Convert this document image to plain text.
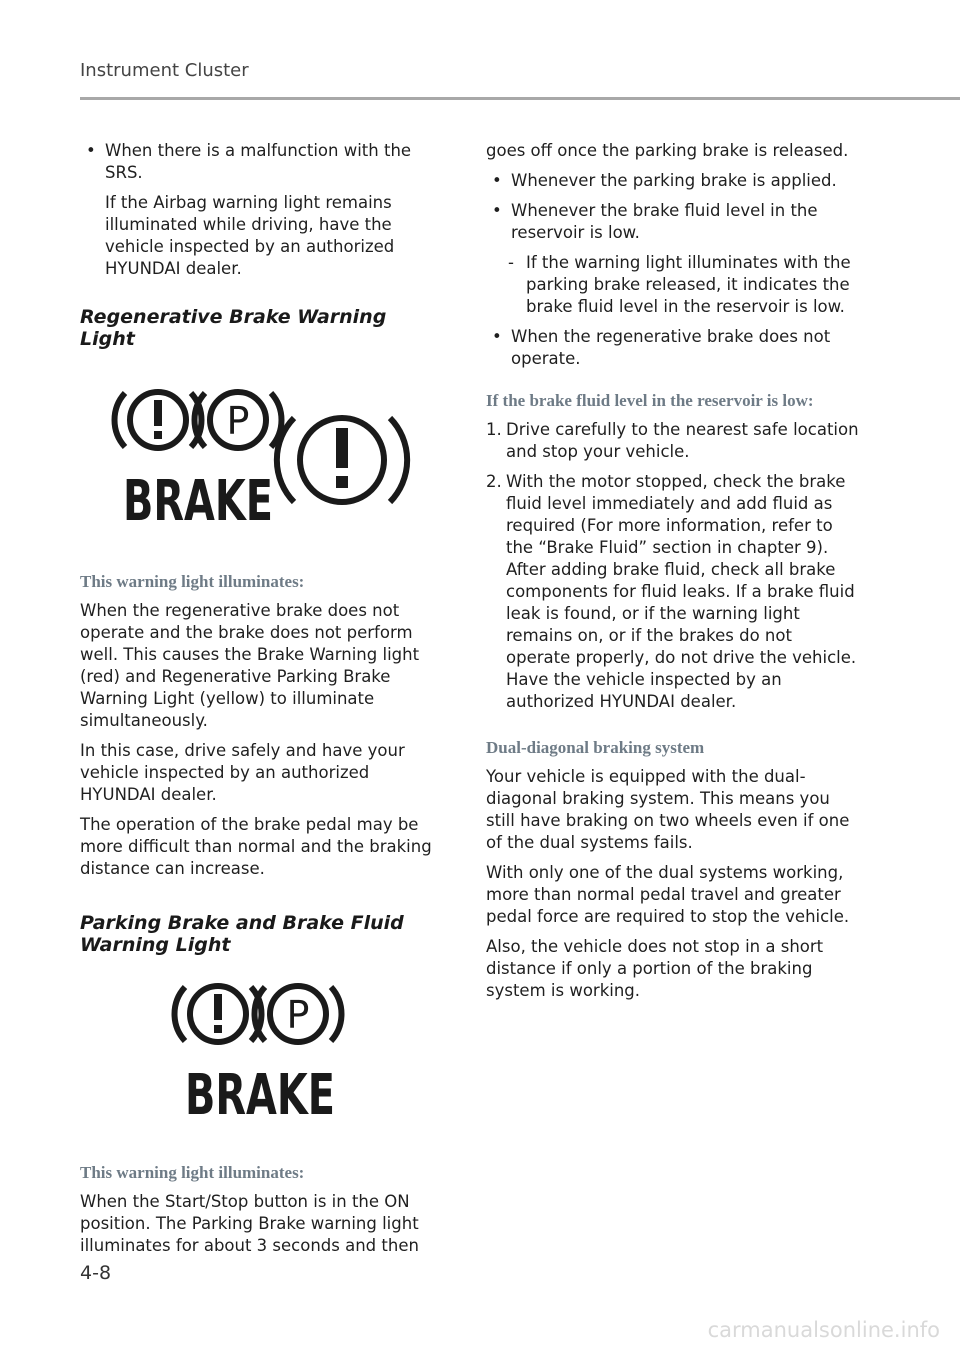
Instrument Cluster
• When there is a malfunction with the SRS.
If the Airbag warning light remains illuminated while driving, have the vehicle inspected by an authorized HYUNDAI dealer.
Regenerative Brake Warning Light
P
BRAKE
This warning light illuminates:

When the regenerative brake does not operate and the brake does not perform well. This causes the Brake Warning light (red) and Regenerative Parking Brake Warning Light (yellow) to illuminate simultaneously.

In this case, drive safely and have your vehicle inspected by an authorized HYUNDAI dealer.

The operation of the brake pedal may be more difficult than normal and the braking distance can increase.

Parking Brake and Brake Fluid
Warning Light
P
BRAKE
This warning light illuminates:

When the Start/Stop button is in the ON position. The Parking Brake warning light illuminates for about 3 seconds and then

goes off once the parking brake is released.

• Whenever the parking brake is applied.
• Whenever the brake fluid level in the reservoir is low.
- If the warning light illuminates with the parking brake released, it indicates the brake fluid level in the reservoir is low.
• When the regenerative brake does not operate.
If the brake fluid level in the reservoir is low:
1. Drive carefully to the nearest safe location and stop your vehicle.
2. With the motor stopped, check the brake fluid level immediately and add fluid as required (For more information, refer to the “Brake Fluid” section in chapter 9). After adding brake fluid, check all brake components for fluid leaks. If a brake fluid leak is found, or if the warning light remains on, or if the brakes do not operate properly, do not drive the vehicle. Have the vehicle inspected by an authorized HYUNDAI dealer.
Dual-diagonal braking system

Your vehicle is equipped with the dual-diagonal braking system. This means you still have braking on two wheels even if one of the dual systems fails.

With only one of the dual systems working, more than normal pedal travel and greater pedal force are required to stop the vehicle.

Also, the vehicle does not stop in a short distance if only a portion of the braking system is working.

4-8
carmanualsonline.info
